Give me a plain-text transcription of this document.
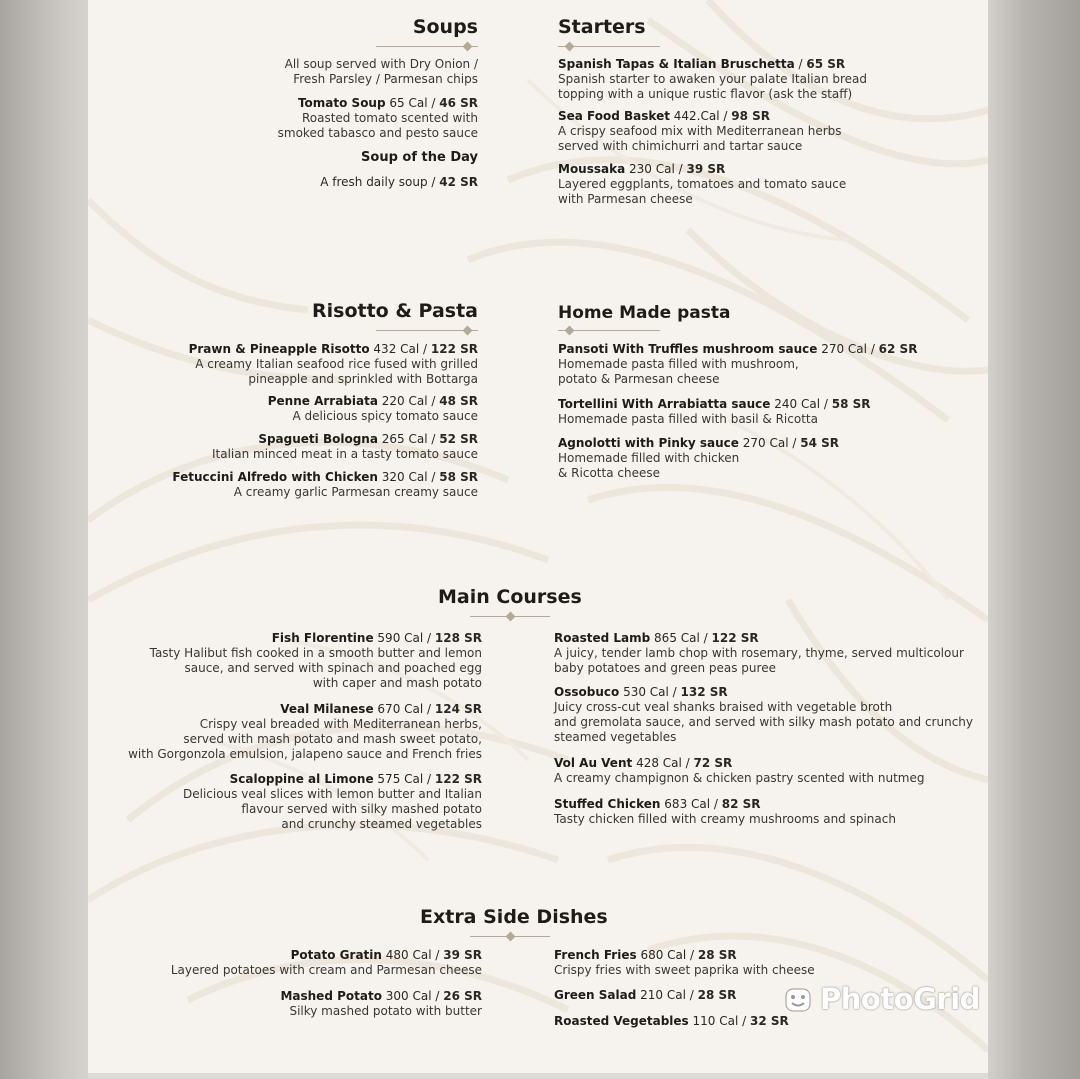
Soups
All soup served with Dry Onion /
Fresh Parsley / Parmesan chips
Tomato Soup 65 Cal / 46 SR
Roasted tomato scented with
smoked tabasco and pesto sauce
Soup of the Day
A fresh daily soup / 42 SR
Starters
Spanish Tapas & Italian Bruschetta / 65 SR
Spanish starter to awaken your palate Italian bread
topping with a unique rustic flavor (ask the staff)
Sea Food Basket 442.Cal / 98 SR
A crispy seafood mix with Mediterranean herbs
served with chimichurri and tartar sauce
Moussaka 230 Cal / 39 SR
Layered eggplants, tomatoes and tomato sauce
with Parmesan cheese
Risotto & Pasta
Prawn & Pineapple Risotto 432 Cal / 122 SR
A creamy Italian seafood rice fused with grilled
pineapple and sprinkled with Bottarga
Penne Arrabiata 220 Cal / 48 SR
A delicious spicy tomato sauce
Spagueti Bologna 265 Cal / 52 SR
Italian minced meat in a tasty tomato sauce
Fetuccini Alfredo with Chicken 320 Cal / 58 SR
A creamy garlic Parmesan creamy sauce
Home Made pasta
Pansoti With Truffles mushroom sauce 270 Cal / 62 SR
Homemade pasta filled with mushroom,
potato & Parmesan cheese
Tortellini With Arrabiatta sauce 240 Cal / 58 SR
Homemade pasta filled with basil & Ricotta
Agnolotti with Pinky sauce 270 Cal / 54 SR
Homemade filled with chicken
& Ricotta cheese
Main Courses
Fish Florentine 590 Cal / 128 SR
Tasty Halibut fish cooked in a smooth butter and lemon
sauce, and served with spinach and poached egg
with caper and mash potato
Veal Milanese 670 Cal / 124 SR
Crispy veal breaded with Mediterranean herbs,
served with mash potato and mash sweet potato,
with Gorgonzola emulsion, jalapeno sauce and French fries
Scaloppine al Limone 575 Cal / 122 SR
Delicious veal slices with lemon butter and Italian
flavour served with silky mashed potato
and crunchy steamed vegetables
Roasted Lamb 865 Cal / 122 SR
A juicy, tender lamb chop with rosemary, thyme, served multicolour
baby potatoes and green peas puree
Ossobuco 530 Cal / 132 SR
Juicy cross-cut veal shanks braised with vegetable broth
and gremolata sauce, and served with silky mash potato and crunchy
steamed vegetables
Vol Au Vent 428 Cal / 72 SR
A creamy champignon & chicken pastry scented with nutmeg
Stuffed Chicken 683 Cal / 82 SR
Tasty chicken filled with creamy mushrooms and spinach
Extra Side Dishes
Potato Gratin 480 Cal / 39 SR
Layered potatoes with cream and Parmesan cheese
Mashed Potato 300 Cal / 26 SR
Silky mashed potato with butter
French Fries 680 Cal / 28 SR
Crispy fries with sweet paprika with cheese
Green Salad 210 Cal / 28 SR
Roasted Vegetables 110 Cal / 32 SR
PhotoGrid
